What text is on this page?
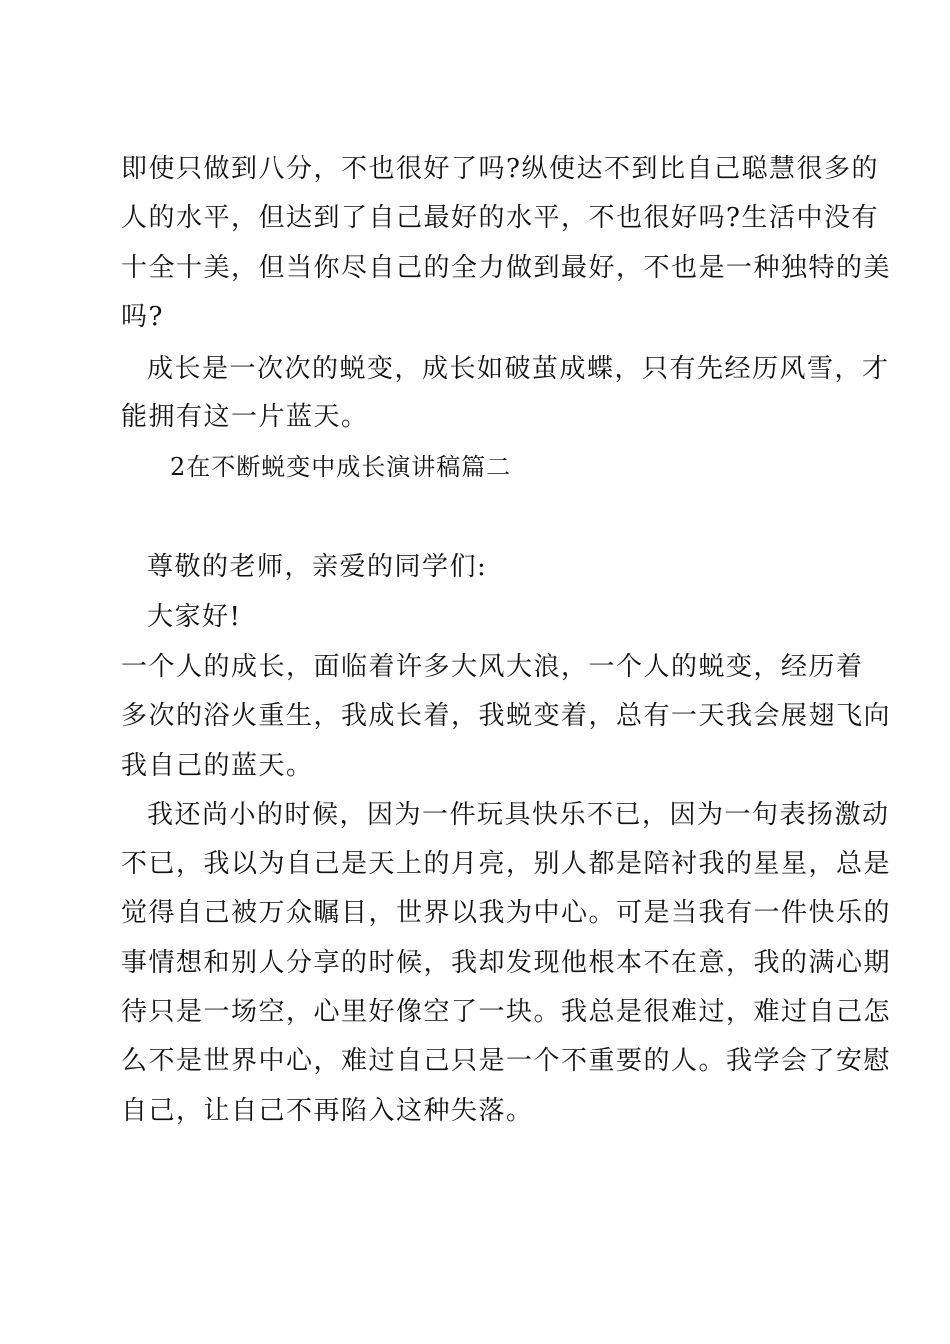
即使只做到八分，不也很好了吗?纵使达不到比自己聪慧很多的
人的水平，但达到了自己最好的水平，不也很好吗?生活中没有
十全十美，但当你尽自己的全力做到最好，不也是一种独特的美
吗?
成长是一次次的蜕变，成长如破茧成蝶，只有先经历风雪，才
能拥有这一片蓝天。
2在不断蜕变中成长演讲稿篇二
尊敬的老师，亲爱的同学们:
大家好!
一个人的成长，面临着许多大风大浪，一个人的蜕变，经历着
多次的浴火重生，我成长着，我蜕变着，总有一天我会展翅飞向
我自己的蓝天。
我还尚小的时候，因为一件玩具快乐不已，因为一句表扬激动
不已，我以为自己是天上的月亮，别人都是陪衬我的星星，总是
觉得自己被万众瞩目，世界以我为中心。可是当我有一件快乐的
事情想和别人分享的时候，我却发现他根本不在意，我的满心期
待只是一场空，心里好像空了一块。我总是很难过，难过自己怎
么不是世界中心，难过自己只是一个不重要的人。我学会了安慰
自己，让自己不再陷入这种失落。
